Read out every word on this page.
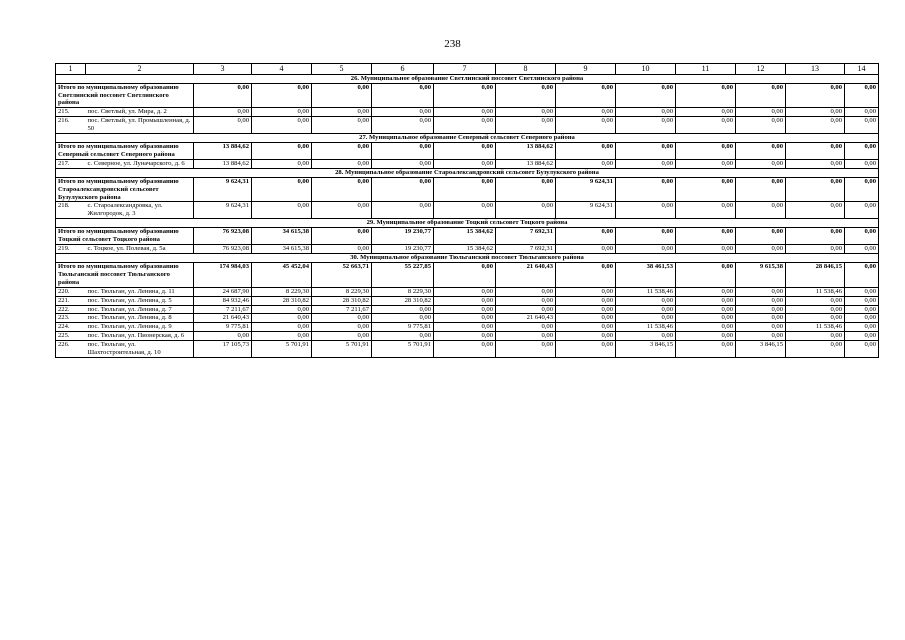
238
1	2	3	4	5	6	7	8	9	10	11	12	13	14
26. Муниципальное образование Светлинский поссовет Светлинского района													
Итого по муниципальному образованию Светлинский поссовет Светлинского района		0,00	0,00	0,00	0,00	0,00	0,00	0,00	0,00	0,00	0,00	0,00	0,00
215.	пос. Светлый, ул. Мира, д. 2	0,00	0,00	0,00	0,00	0,00	0,00	0,00	0,00	0,00	0,00	0,00	0,00
216.	пос. Светлый, ул. Промышленная, д. 50	0,00	0,00	0,00	0,00	0,00	0,00	0,00	0,00	0,00	0,00	0,00	0,00
27. Муниципальное образование Северный сельсовет Северного района													
Итого по муниципальному образованию Северный сельсовет Северного района		13 884,62	0,00	0,00	0,00	0,00	13 884,62	0,00	0,00	0,00	0,00	0,00	0,00
217.	с. Северное, ул. Луначарского, д. 6	13 884,62	0,00	0,00	0,00	0,00	13 884,62	0,00	0,00	0,00	0,00	0,00	0,00
28. Муниципальное образование Старoалександровский сельсовет Бузулукского района													
Итого по муниципальному образованию Староалександровский сельсовет Бузулукского района		9 624,31	0,00	0,00	0,00	0,00	0,00	9 624,31	0,00	0,00	0,00	0,00	0,00
218.	с. Староалександровка, ул. Жилгородок, д. 3	9 624,31	0,00	0,00	0,00	0,00	0,00	9 624,31	0,00	0,00	0,00	0,00	0,00
29. Муниципальное образование Тоцкий сельсовет Тоцкого района													
Итого по муниципальному образованию Тоцкий сельсовет Тоцкого района		76 923,08	34 615,38	0,00	19 230,77	15 384,62	7 692,31	0,00	0,00	0,00	0,00	0,00	0,00
219.	с. Тоцкое, ул. Полевая, д. 5а	76 923,08	34 615,38	0,00	19 230,77	15 384,62	7 692,31	0,00	0,00	0,00	0,00	0,00	0,00
30. Муниципальное образование Тюльганский поссовет Тюльганского района													
Итого по муниципальному образованию Тюльганский поссовет Тюльганского района		174 984,03	45 452,04	52 663,71	55 227,85	0,00	21 640,43	0,00	38 461,53	0,00	9 615,38	28 846,15	0,00
220.	пос. Тюльган, ул. Ленина, д. 11	24 687,90	8 229,30	8 229,30	8 229,30	0,00	0,00	0,00	11 538,46	0,00	0,00	11 538,46	0,00
221.	пос. Тюльган, ул. Ленина, д. 5	84 932,46	28 310,82	28 310,82	28 310,82	0,00	0,00	0,00	0,00	0,00	0,00	0,00	0,00
222.	пос. Тюльган, ул. Ленина, д. 7	7 211,67	0,00	7 211,67	0,00	0,00	0,00	0,00	0,00	0,00	0,00	0,00	0,00
223.	пос. Тюльган, ул. Ленина, д. 8	21 640,43	0,00	0,00	0,00	0,00	21 640,43	0,00	0,00	0,00	0,00	0,00	0,00
224.	пос. Тюльган, ул. Ленина, д. 9	9 775,81	0,00	0,00	9 775,81	0,00	0,00	0,00	11 538,46	0,00	0,00	11 538,46	0,00
225.	пос. Тюльган, ул. Пионерская, д. 6	0,00	0,00	0,00	0,00	0,00	0,00	0,00	0,00	0,00	0,00	0,00	0,00
226.	пос. Тюльган, ул. Шахтостроительная, д. 10	17 105,73	5 701,91	5 701,91	5 701,91	0,00	0,00	0,00	3 846,15	0,00	3 846,15	0,00	0,00
